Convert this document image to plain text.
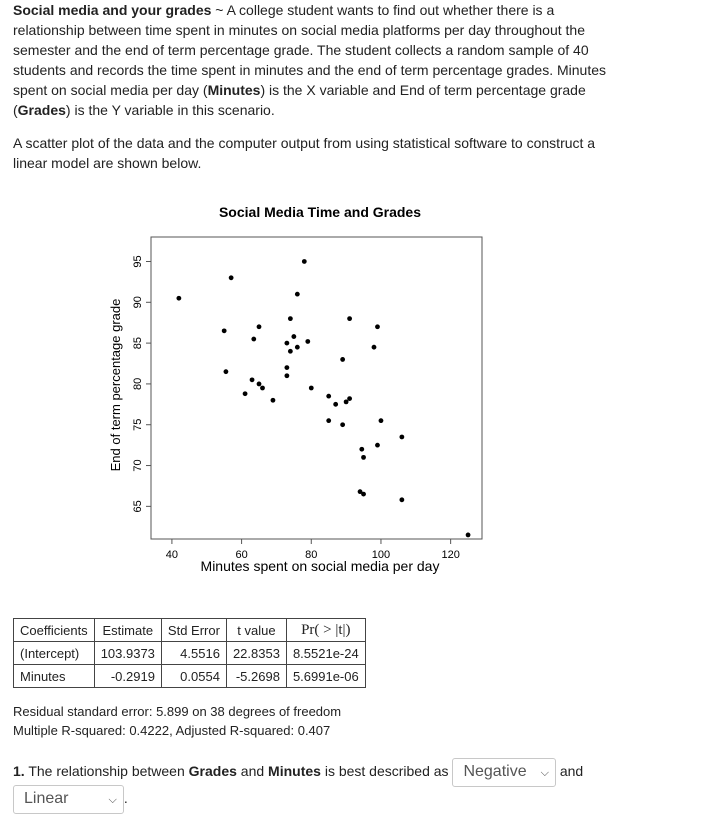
Social media and your grades ~ A college student wants to find out whether there is a relationship between time spent in minutes on social media platforms per day throughout the semester and the end of term percentage grade. The student collects a random sample of 40 students and records the time spent in minutes and the end of term percentage grades. Minutes spent on social media per day (Minutes) is the X variable and End of term percentage grade (Grades) is the Y variable in this scenario.
A scatter plot of the data and the computer output from using statistical software to construct a linear model are shown below.
Social Media Time and Grades
40	60	80	100	120
65
70
75
80
85
90
95
Minutes spent on social media per day
End of term percentage grade
Coefficients	Estimate	Std Error	t value	Pr( > |t|)
(Intercept)	103.9373	4.5516	22.8353	8.5521e-24
Minutes	-0.2919	0.0554	-5.2698	5.6991e-06
Residual standard error: 5.899 on 38 degrees of freedom
Multiple R-squared: 0.4222, Adjusted R-squared: 0.407
1. The relationship between Grades and Minutes is best described as Negative ⌵ and
Linear	⌵ .
